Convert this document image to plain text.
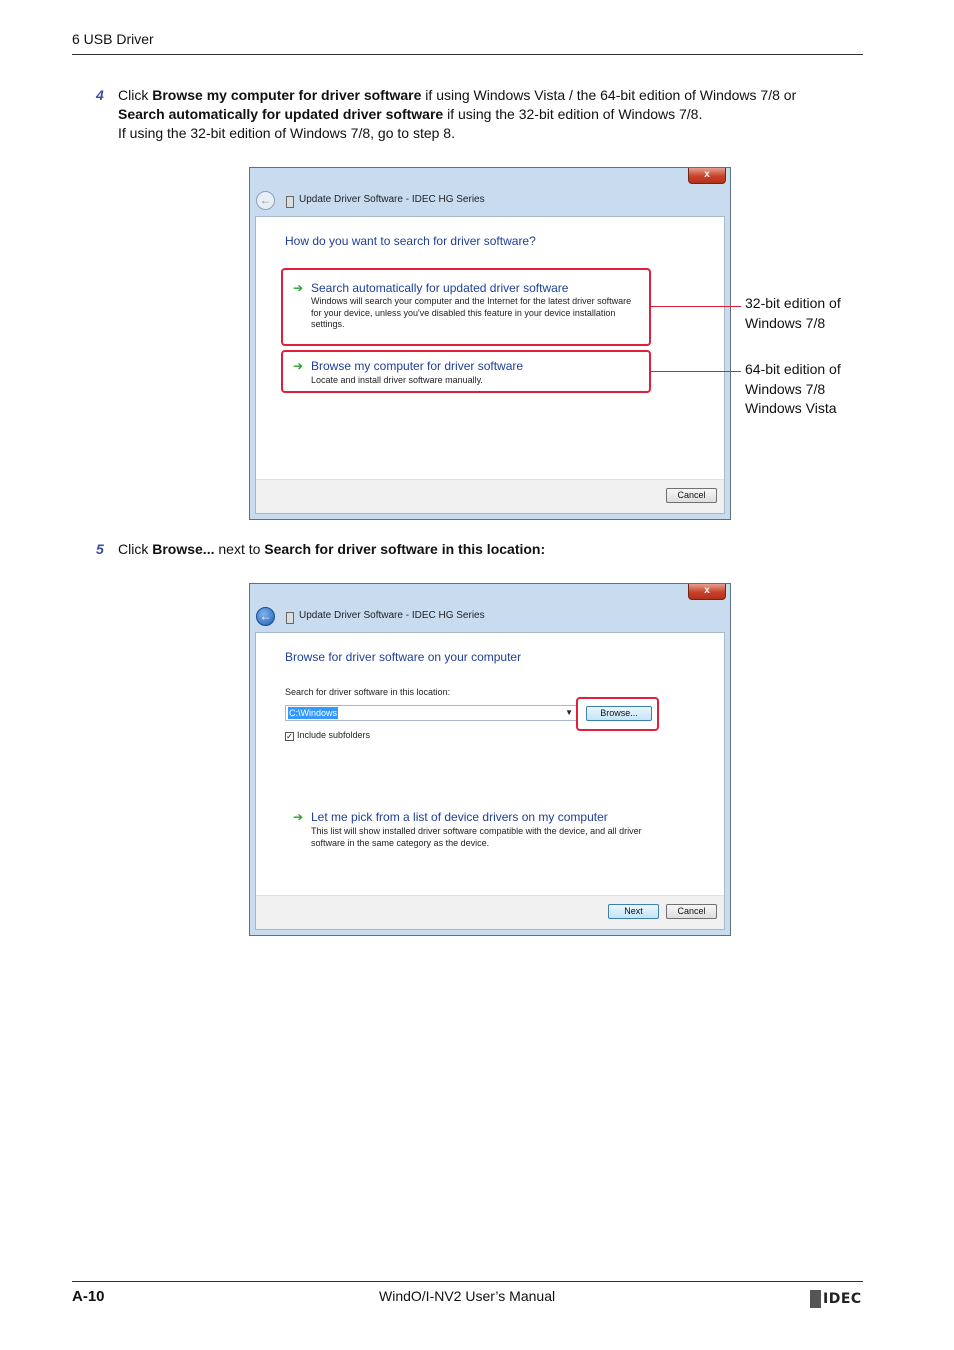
6 USB Driver
4 Click Browse my computer for driver software if using Windows Vista / the 64-bit edition of Windows 7/8 or
Search automatically for updated driver software if using the 32-bit edition of Windows 7/8.
If using the 32-bit edition of Windows 7/8, go to step 8.
x
←	Update Driver Software - IDEC HG Series
How do you want to search for driver software?
➔ Search automatically for updated driver software
Windows will search your computer and the Internet for the latest driver software
for your device, unless you've disabled this feature in your device installation
settings.
➔ Browse my computer for driver software
Locate and install driver software manually.
Cancel
32-bit edition of
Windows 7/8
64-bit edition of
Windows 7/8
Windows Vista
5 Click Browse... next to Search for driver software in this location:
x
←	Update Driver Software - IDEC HG Series
Browse for driver software on your computer
Search for driver software in this location:
C:\Windows	▼	Browse...
✓ Include subfolders
➔ Let me pick from a list of device drivers on my computer
This list will show installed driver software compatible with the device, and all driver
software in the same category as the device.
Next	Cancel
A-10	WindO/I-NV2 User’s Manual	IDEC
